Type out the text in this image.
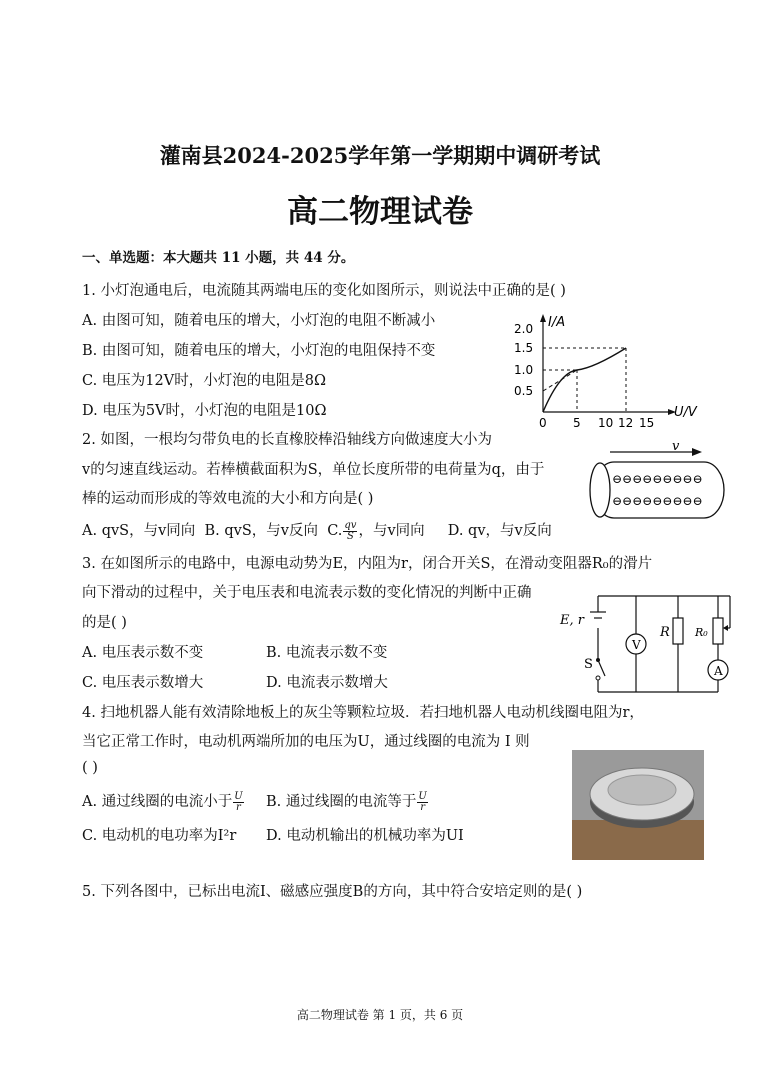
灌南县2024-2025学年第一学期期中调研考试
高二物理试卷
一、单选题：本大题共 11 小题，共 44 分。
1. 小灯泡通电后，电流随其两端电压的变化如图所示，则说法中正确的是( )
A. 由图可知，随着电压的增大，小灯泡的电阻不断减小
B. 由图可知，随着电压的增大，小灯泡的电阻保持不变
C. 电压为12V时，小灯泡的电阻是8Ω
D. 电压为5V时，小灯泡的电阻是10Ω
I/A
U/V
2.0
1.5
1.0
0.5
0 5 10 12 15
2. 如图，一根均匀带负电的长直橡胶棒沿轴线方向做速度大小为
v的匀速直线运动。若棒横截面积为S，单位长度所带的电荷量为q，由于
棒的运动而形成的等效电流的大小和方向是( )
A. qvS，与v同向 B. qvS，与v反向 C. $\frac{qv}{S}$ ，与v同向 D. qv，与v反向
v
⊖⊖⊖⊖⊖⊖⊖⊖⊖
⊖⊖⊖⊖⊖⊖⊖⊖⊖
3. 在如图所示的电路中，电源电动势为E，内阻为r，闭合开关S，在滑动变阻器R₀的滑片
向下滑动的过程中，关于电压表和电流表示数的变化情况的判断中正确
的是( )
A. 电压表示数不变	B. 电流表示数不变
C. 电压表示数增大	D. 电流表示数增大
E, r
V
R R₀
A
S
4. 扫地机器人能有效清除地板上的灰尘等颗粒垃圾．若扫地机器人电动机线圈电阻为r，
当它正常工作时，电动机两端所加的电压为U，通过线圈的电流为 I 则
( )
A. 通过线圈的电流小于 $\frac{U}{r} B$. 通过线圈的电流等于 $\frac{U}{r}$
C. 电动机的电功率为I²r D. 电动机输出的机械功率为UI
5. 下列各图中，已标出电流I、磁感应强度B的方向，其中符合安培定则的是( )
高二物理试卷 第 1 页，共 6 页
